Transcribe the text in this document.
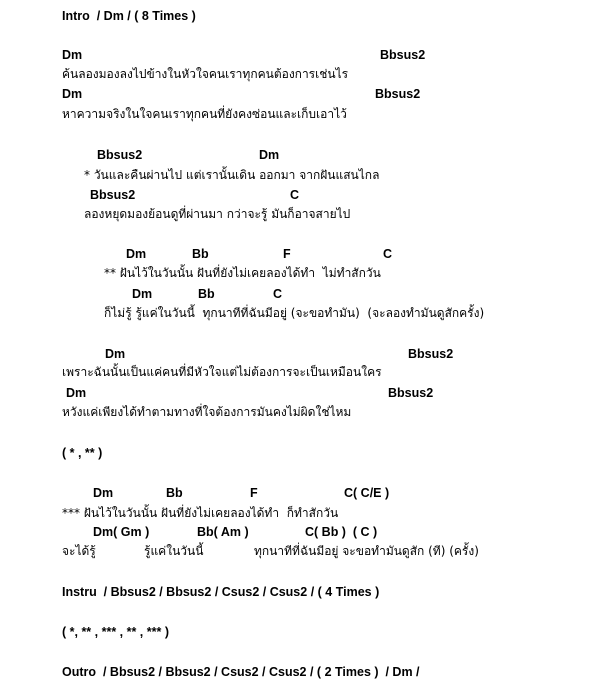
Intro  / Dm / ( 8 Times )
Dm	Bbsus2
ค้นลองมองลงไปข้างในหัวใจคนเราทุกคนต้องการเช่นไร
Dm	Bbsus2
หาความจริงในใจคนเราทุกคนที่ยังคงซ่อนและเก็บเอาไว้
Bbsus2	Dm
* วันและคืนผ่านไป แต่เรานั้นเดิน ออกมา จากฝันแสนไกล
Bbsus2	C
ลองหยุดมองย้อนดูที่ผ่านมา กว่าจะรู้ มันก็อาจสายไป
Dm	Bb	F	C
** ฝันไว้ในวันนั้น ฝันที่ยังไม่เคยลองได้ทำ  ไม่ทำสักวัน
Dm	Bb	C
ก็ไม่รู้ รู้แค่ในวันนี้  ทุกนาทีที่ฉันมีอยู่ (จะขอทำมัน)  (จะลองทำมันดูสักครั้ง)
Dm	Bbsus2
เพราะฉันนั้นเป็นแค่คนที่มีหัวใจแต่ไม่ต้องการจะเป็นเหมือนใคร
Dm	Bbsus2
หวังแค่เพียงได้ทำตามทางที่ใจต้องการมันคงไม่ผิดใช่ไหม
( * , ** )
Dm	Bb	F	C( C/E )
*** ฝันไว้ในวันนั้น ฝันที่ยังไม่เคยลองได้ทำ  ก็ทำสักวัน
Dm( Gm )	Bb( Am )	C( Bb )  ( C )
จะได้รู้	รู้แค่ในวันนี้	ทุกนาทีที่ฉันมีอยู่ จะขอทำมันดูสัก (ที) (ครั้ง)
Instru  / Bbsus2 / Bbsus2 / Csus2 / Csus2 / ( 4 Times )
( *, ** , *** , ** , *** )
Outro  / Bbsus2 / Bbsus2 / Csus2 / Csus2 / ( 2 Times )  / Dm /
